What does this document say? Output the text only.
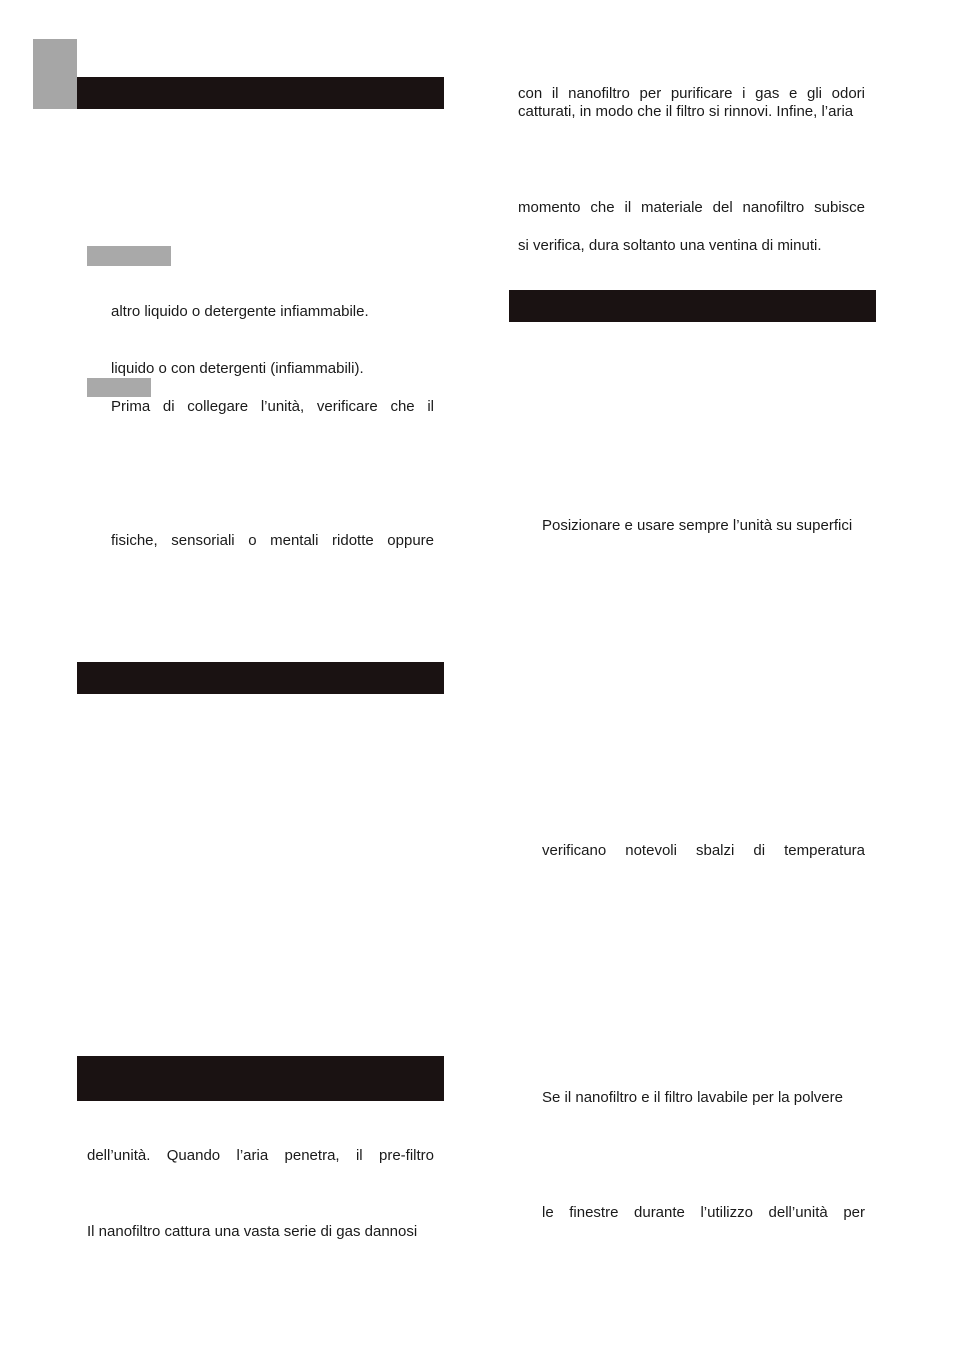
altro liquido o detergente infiammabile.
liquido o con detergenti (infiammabili).
Prima di collegare l’unità, verificare che il
fisiche, sensoriali o mentali ridotte oppure
dell’unità. Quando l’aria penetra, il pre-filtro
Il nanofiltro cattura una vasta serie di gas dannosi
con il nanofiltro per purificare i gas e gli odori
catturati, in modo che il filtro si rinnovi. Infine, l’aria
momento che il materiale del nanofiltro subisce
si verifica, dura soltanto una ventina di minuti.
Posizionare e usare sempre l’unità su superfici
verificano notevoli sbalzi di temperatura
Se il nanofiltro e il filtro lavabile per la polvere
le finestre durante l’utilizzo dell’unità per
